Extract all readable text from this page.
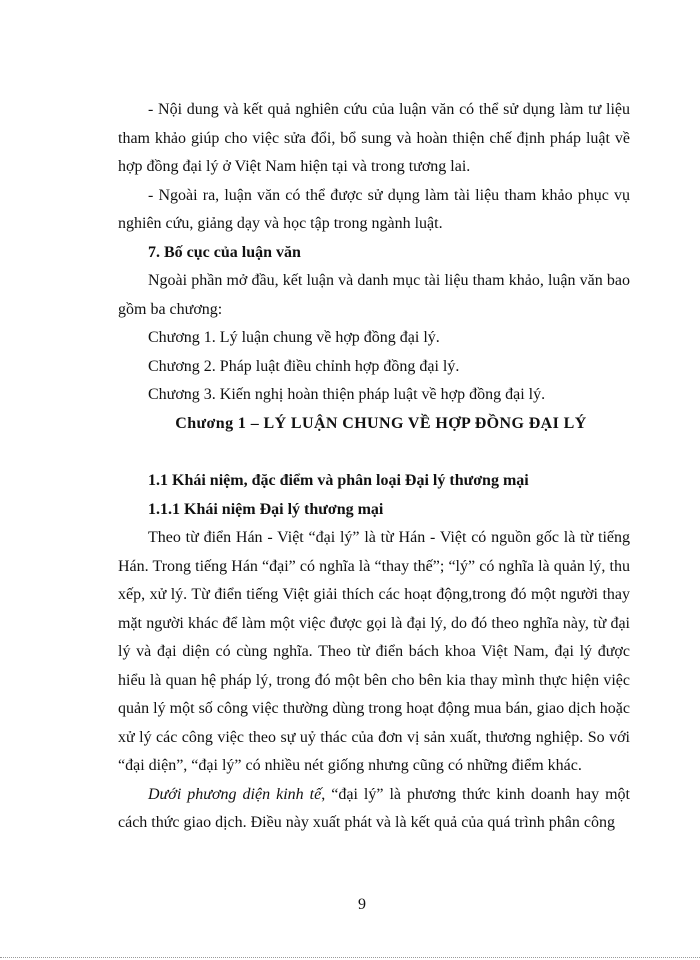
- Nội dung và kết quả nghiên cứu của luận văn có thể sử dụng làm tư liệu tham khảo giúp cho việc sửa đổi, bổ sung và hoàn thiện chế định pháp luật về hợp đồng đại lý ở Việt Nam hiện tại và trong tương lai.

- Ngoài ra, luận văn có thể được sử dụng làm tài liệu tham khảo phục vụ nghiên cứu, giảng dạy và học tập trong ngành luật.

7. Bố cục của luận văn

Ngoài phần mở đầu, kết luận và danh mục tài liệu tham khảo, luận văn bao gồm ba chương:

Chương 1. Lý luận chung về hợp đồng đại lý.

Chương 2. Pháp luật điều chỉnh hợp đồng đại lý.

Chương 3. Kiến nghị hoàn thiện pháp luật về hợp đồng đại lý.

Chương 1 – LÝ LUẬN CHUNG VỀ HỢP ĐỒNG ĐẠI LÝ

1.1 Khái niệm, đặc điểm và phân loại Đại lý thương mại

1.1.1 Khái niệm Đại lý thương mại

Theo từ điển Hán - Việt “đại lý” là từ Hán - Việt có nguồn gốc là từ tiếng Hán. Trong tiếng Hán “đại” có nghĩa là “thay thế”; “lý” có nghĩa là quản lý, thu xếp, xử lý. Từ điển tiếng Việt giải thích các hoạt động,trong đó một người thay mặt người khác để làm một việc được gọi là đại lý, do đó theo nghĩa này, từ đại lý và đại diện có cùng nghĩa. Theo từ điển bách khoa Việt Nam, đại lý được hiểu là quan hệ pháp lý, trong đó một bên cho bên kia thay mình thực hiện việc quản lý một số công việc thường dùng trong hoạt động mua bán, giao dịch hoặc xử lý các công việc theo sự uỷ thác của đơn vị sản xuất, thương nghiệp. So với “đại diện”, “đại lý” có nhiều nét giống nhưng cũng có những điểm khác.

Dưới phương diện kinh tế, “đại lý” là phương thức kinh doanh hay một cách thức giao dịch. Điều này xuất phát và là kết quả của quá trình phân công

9
